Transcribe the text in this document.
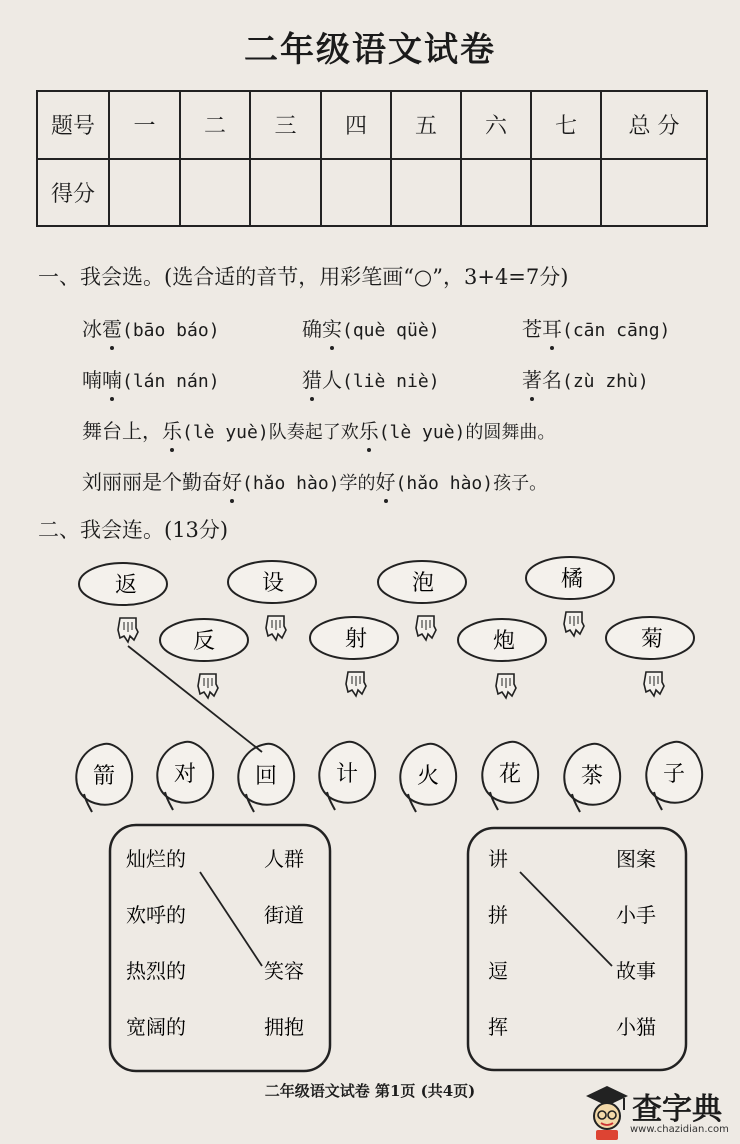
二年级语文试卷
题号	一	二	三	四	五	六	七	总 分
得分								
一、我会选。(选合适的音节，用彩笔画“○”，3+4=7分)
冰雹(bāo báo)	确实(què qüè)	苍耳(cān cāng)
喃喃(lán nán)	猎人(liè niè)	著名(zù zhù)
舞台上，乐(lè yuè)队奏起了欢乐(lè yuè)的圆舞曲。
刘丽丽是个勤奋好(hǎo hào)学的好(hǎo hào)孩子。
二、我会连。(13分)
返
反
设
射
泡
炮
橘
菊
箭	对	回	计	火	花	茶	子
灿烂的
欢呼的
热烈的
宽阔的
人群
街道
笑容
拥抱
讲
拼
逗
挥
图案
小手
故事
小猫
二年级语文试卷 第1页 (共4页)
查字典
www.chazidian.com
